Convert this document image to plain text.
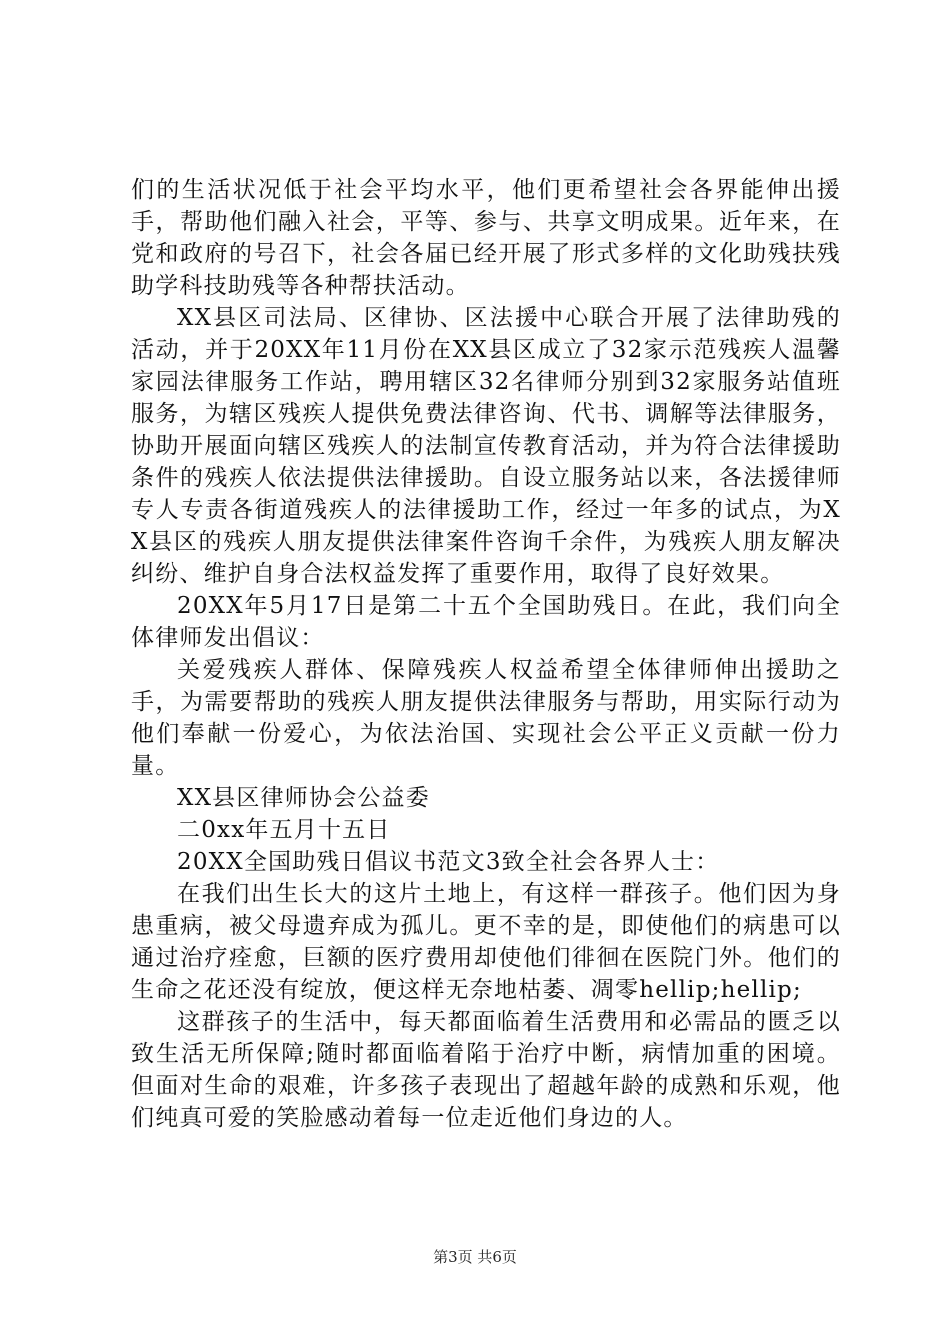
们的生活状况低于社会平均水平，他们更希望社会各界能伸出援手，帮助他们融入社会，平等、参与、共享文明成果。近年来，在党和政府的号召下，社会各届已经开展了形式多样的文化助残扶残助学科技助残等各种帮扶活动。

XX县区司法局、区律协、区法援中心联合开展了法律助残的活动，并于20XX年11月份在XX县区成立了32家示范残疾人温馨家园法律服务工作站，聘用辖区32名律师分别到32家服务站值班服务，为辖区残疾人提供免费法律咨询、代书、调解等法律服务，协助开展面向辖区残疾人的法制宣传教育活动，并为符合法律援助条件的残疾人依法提供法律援助。自设立服务站以来，各法援律师专人专责各街道残疾人的法律援助工作，经过一年多的试点，为XX县区的残疾人朋友提供法律案件咨询千余件，为残疾人朋友解决纠纷、维护自身合法权益发挥了重要作用，取得了良好效果。

20XX年5月17日是第二十五个全国助残日。在此，我们向全体律师发出倡议：

关爱残疾人群体、保障残疾人权益希望全体律师伸出援助之手，为需要帮助的残疾人朋友提供法律服务与帮助，用实际行动为他们奉献一份爱心，为依法治国、实现社会公平正义贡献一份力量。

XX县区律师协会公益委

二0xx年五月十五日

20XX全国助残日倡议书范文3致全社会各界人士：

在我们出生长大的这片土地上，有这样一群孩子。他们因为身患重病，被父母遗弃成为孤儿。更不幸的是，即使他们的病患可以通过治疗痊愈，巨额的医疗费用却使他们徘徊在医院门外。他们的生命之花还没有绽放，便这样无奈地枯萎、凋零hellip;hellip;

这群孩子的生活中，每天都面临着生活费用和必需品的匮乏以致生活无所保障;随时都面临着陷于治疗中断，病情加重的困境。但面对生命的艰难，许多孩子表现出了超越年龄的成熟和乐观，他们纯真可爱的笑脸感动着每一位走近他们身边的人。

第3页 共6页
